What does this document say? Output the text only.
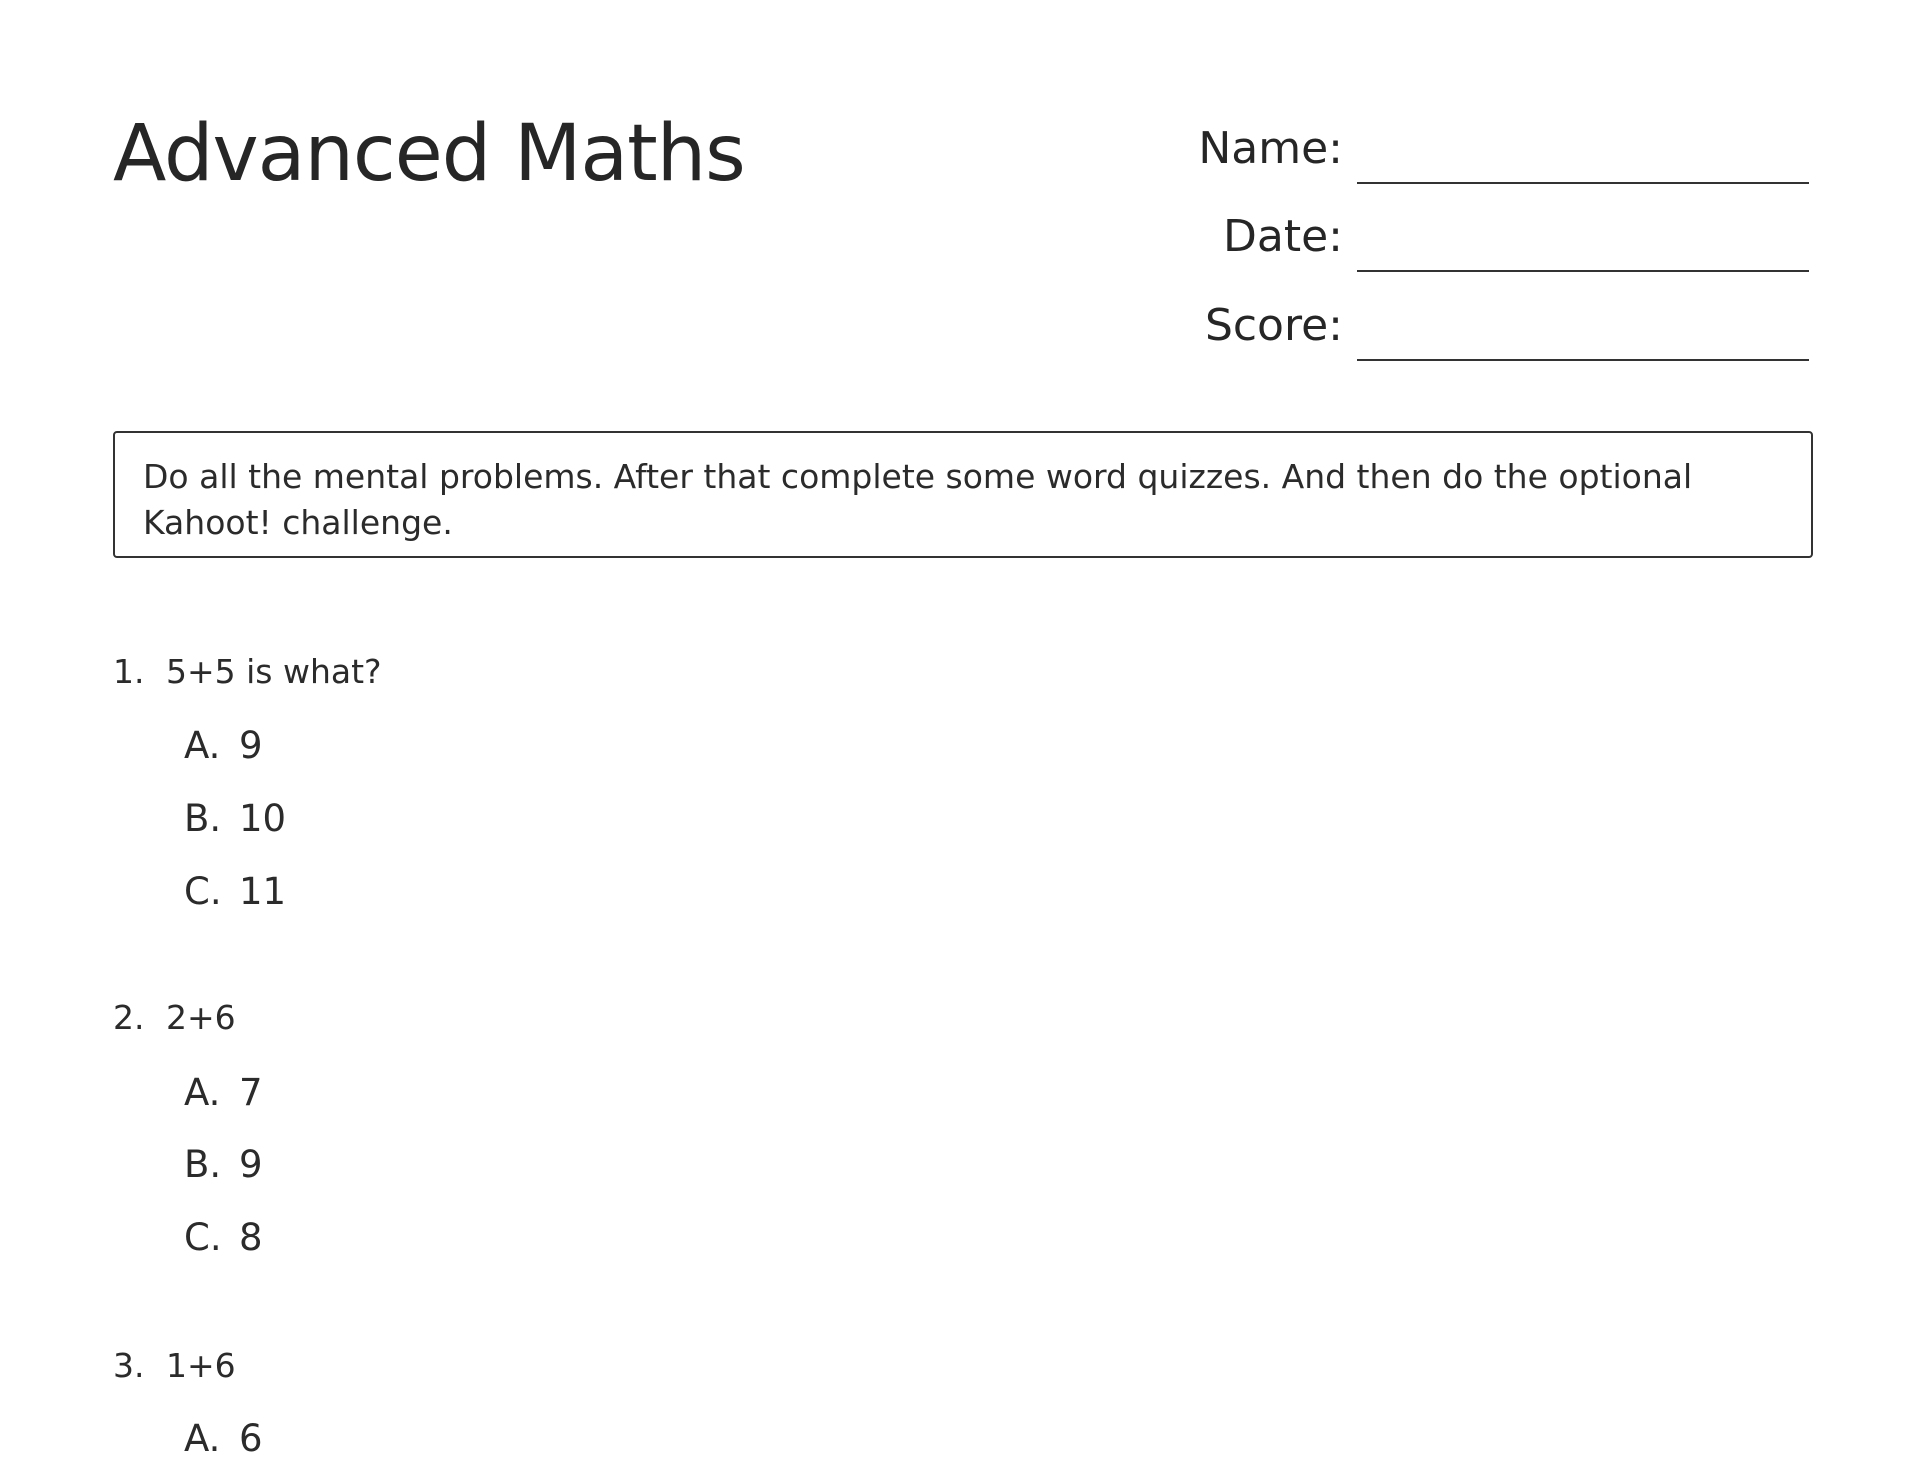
Advanced Maths	Name:
Date:
Score:
Do all the mental problems. After that complete some word quizzes. And then do the optional Kahoot! challenge.
1. 5+5 is what?
A. 9
B. 10
C. 11
2. 2+6
A. 7
B. 9
C. 8
3. 1+6
A. 6
